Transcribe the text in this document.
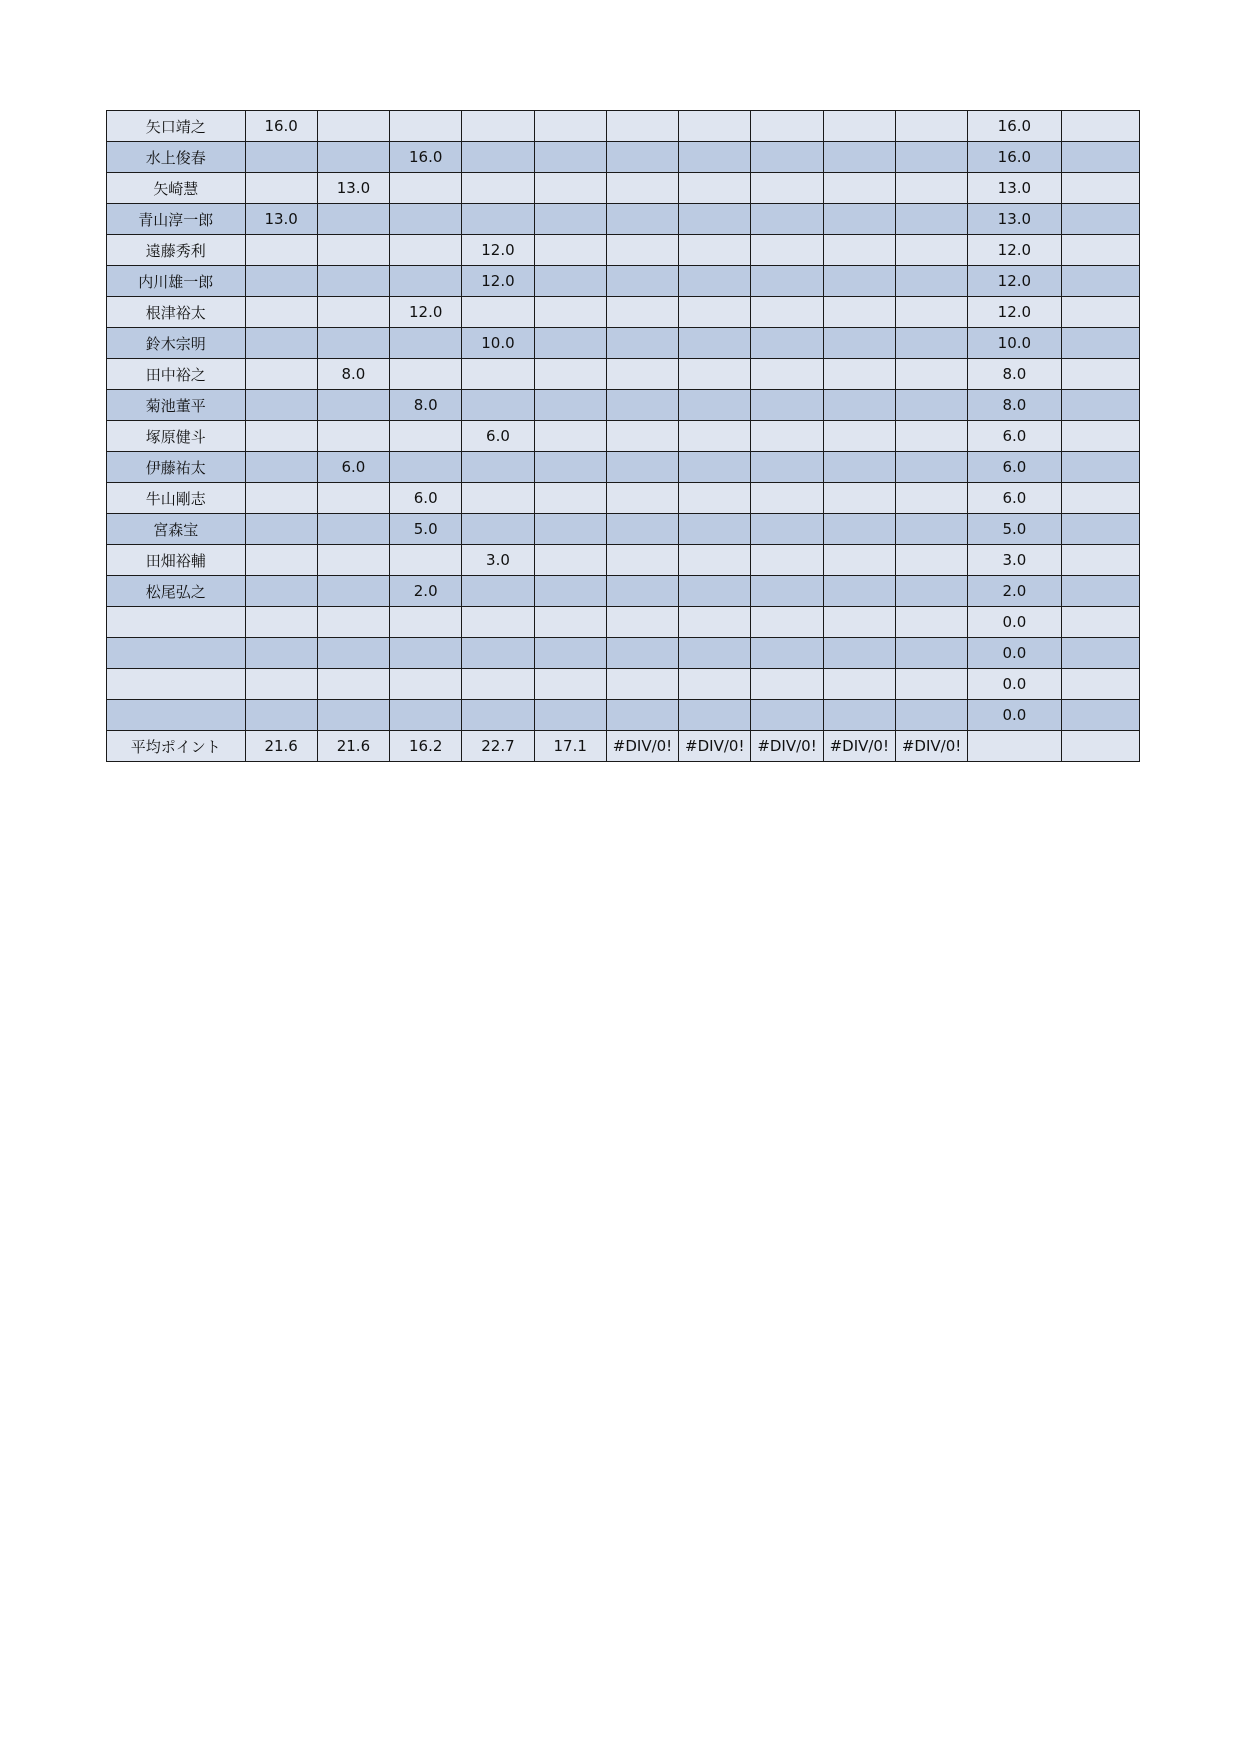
矢口靖之	16.0										16.0	
水上俊春			16.0								16.0	
矢崎慧		13.0									13.0	
青山淳一郎	13.0										13.0	
遠藤秀利				12.0							12.0	
内川雄一郎				12.0							12.0	
根津裕太			12.0								12.0	
鈴木宗明				10.0							10.0	
田中裕之		8.0									8.0	
菊池董平			8.0								8.0	
塚原健斗				6.0							6.0	
伊藤祐太		6.0									6.0	
牛山剛志			6.0								6.0	
宮森宝			5.0								5.0	
田畑裕輔				3.0							3.0	
松尾弘之			2.0								2.0	
											0.0	
											0.0	
											0.0	
											0.0	
平均ポイント	21.6	21.6	16.2	22.7	17.1	#DIV/0!	#DIV/0!	#DIV/0!	#DIV/0!	#DIV/0!		
